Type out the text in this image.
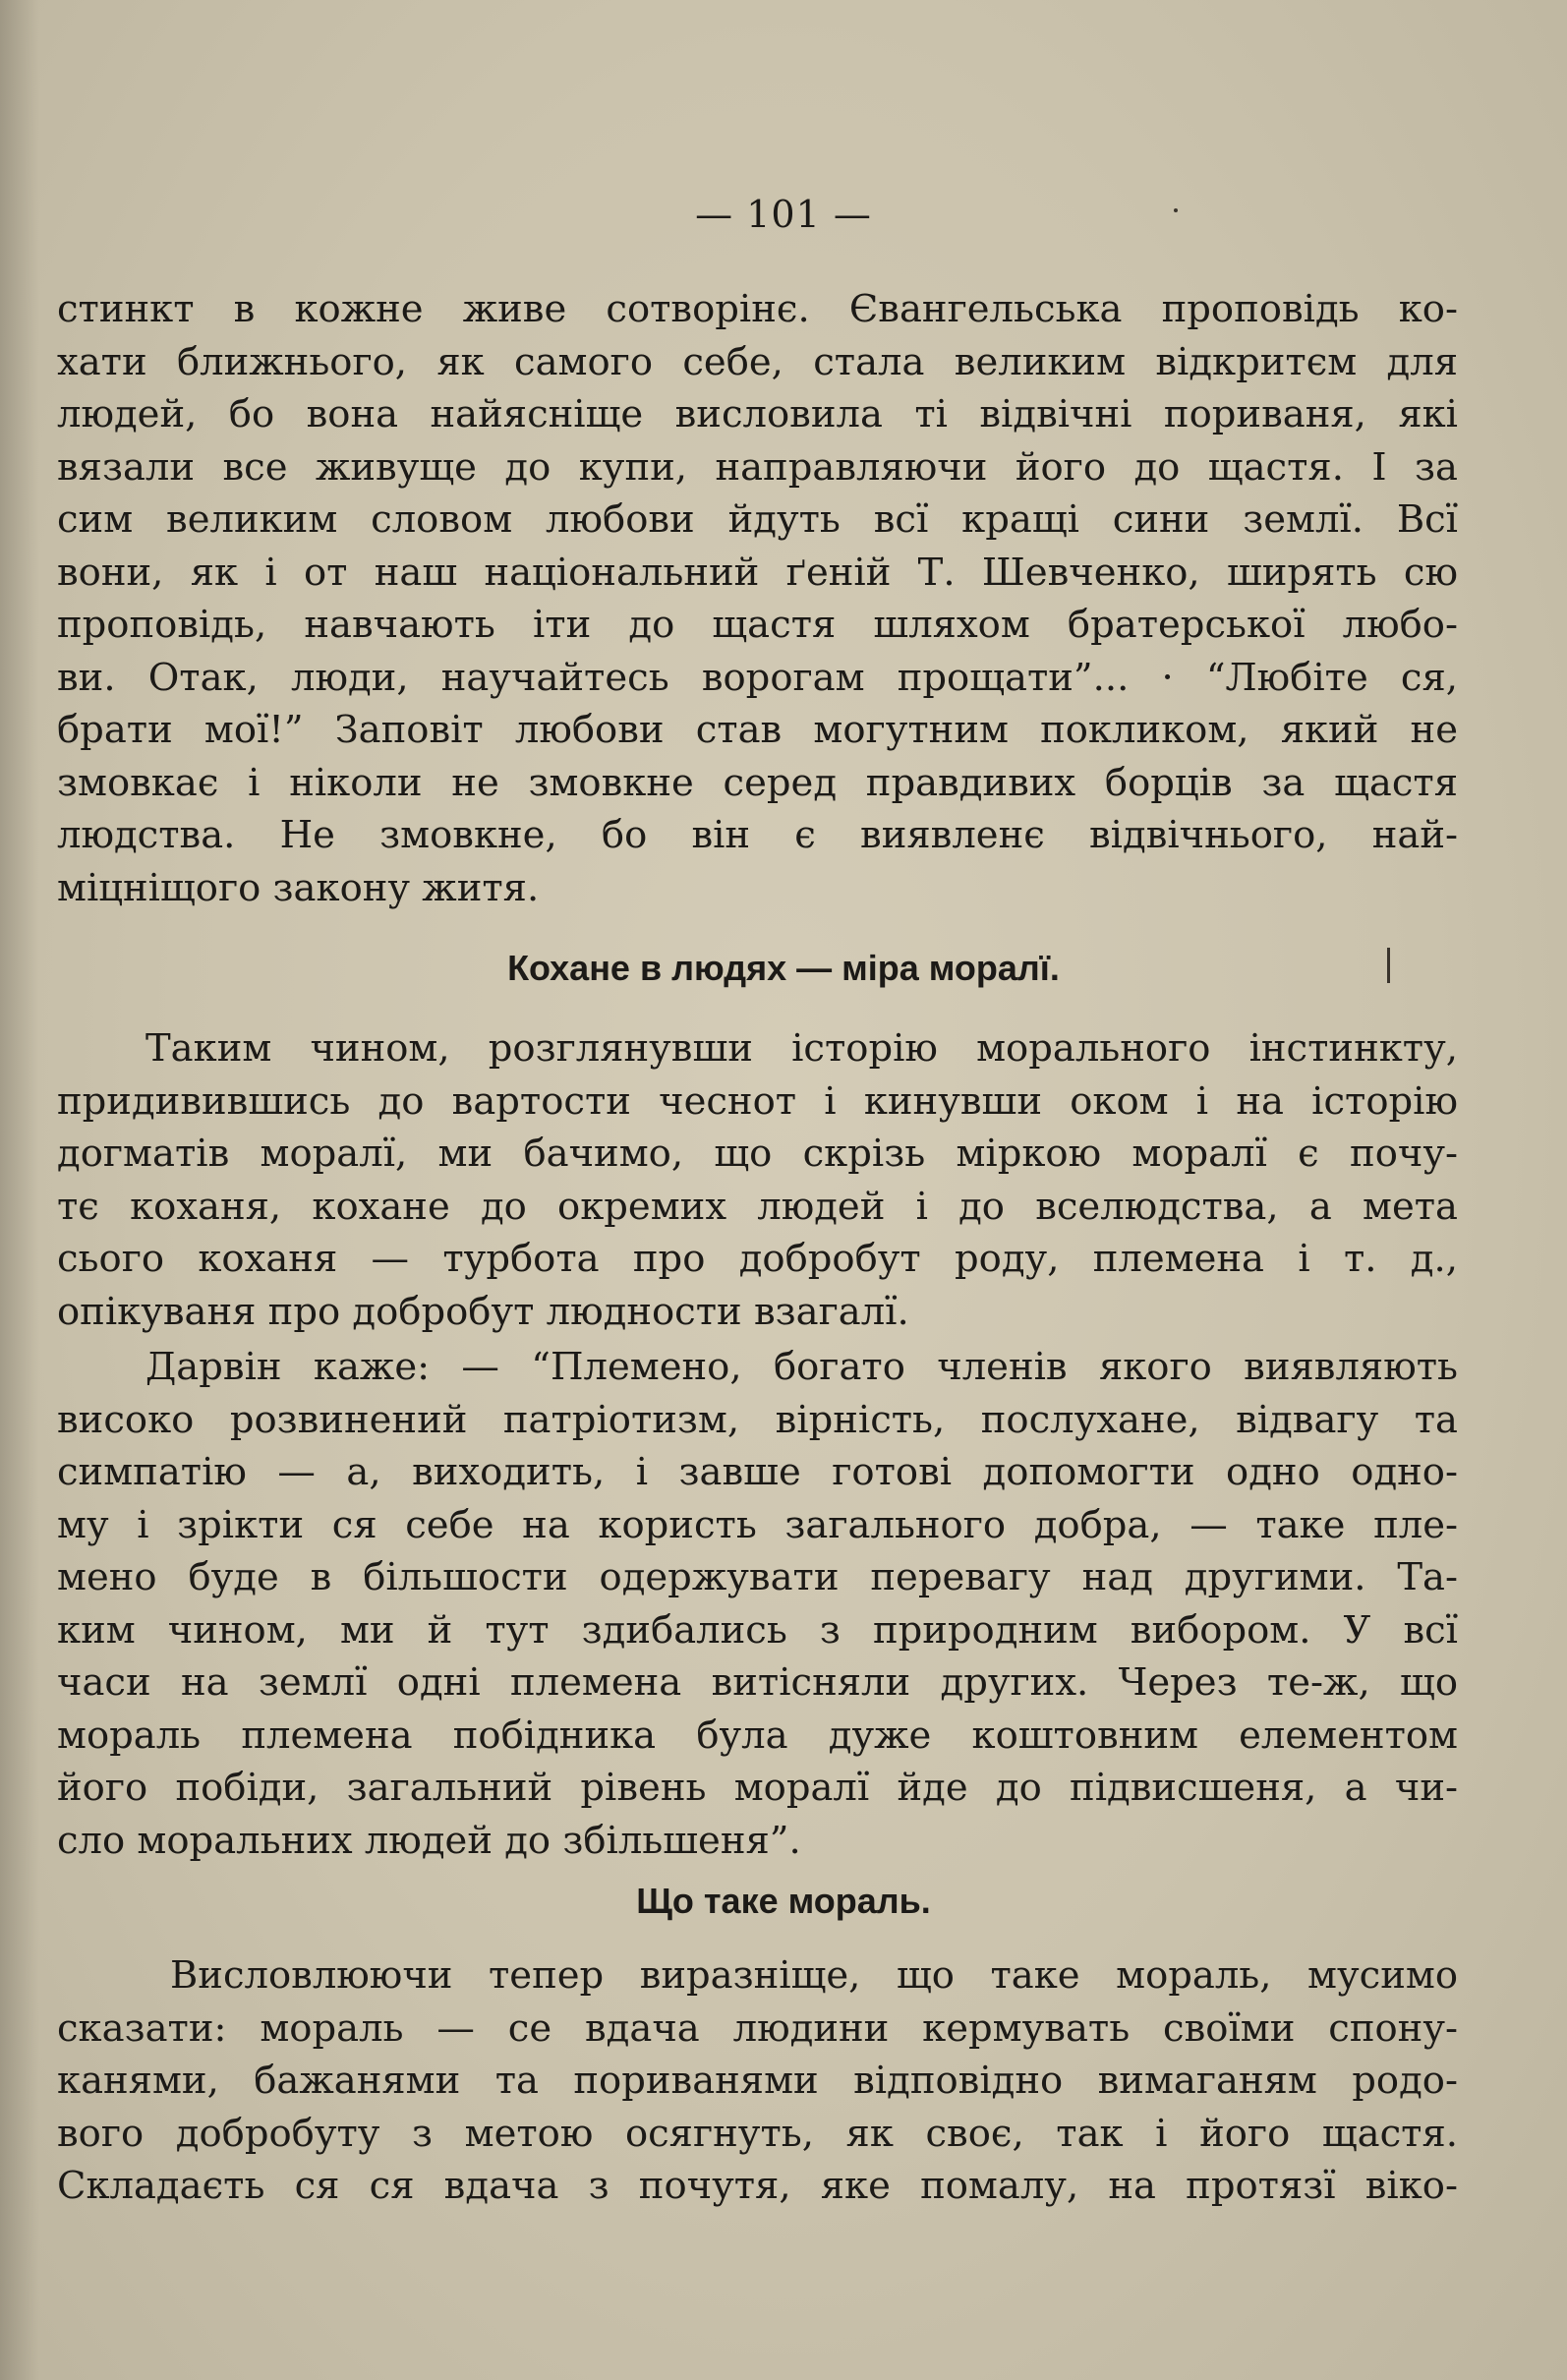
— 101 —
стинкт в кожне живе сотворінє. Євангельська проповідь ко-
хати ближнього, як самого себе, стала великим відкритєм для
людей, бо вона найясніще висловила ті відвічні пориваня, які
вязали все живуще до купи, направляючи його до щастя. І за
сим великим словом любови йдуть всї кращі сини землї. Всї
вони, як і от наш національний ґеній Т. Шевченко, ширять сю
проповідь, навчають іти до щастя шляхом братерської любо-
ви. Отак, люди, научайтесь ворогам прощати”... · “Любіте ся,
брати мої!” Заповіт любови став могутним покликом, який не
змовкає і ніколи не змовкне серед правдивих борців за щастя
людства. Не змовкне, бо він є виявленє відвічнього, най-
міцніщого закону житя.
Кохане в людях — міра моралї.
Таким чином, розглянувши історію морального інстинкту,
придивившись до вартости чеснот і кинувши оком і на історію
догматів моралї, ми бачимо, що скрізь міркою моралї є почу-
тє коханя, кохане до окремих людей і до вселюдства, а мета
сього коханя — турбота про добробут роду, племена і т. д.,
опікуваня про добробут людности взагалї.
Дарвін каже: — “Племено, богато членів якого виявляють
високо розвинений патріотизм, вірність, послухане, відвагу та
симпатію — а, виходить, і завше готові допомогти одно одно-
му і зрікти ся себе на користь загального добра, — таке пле-
мено буде в більшости одержувати перевагу над другими. Та-
ким чином, ми й тут здибались з природним вибором. У всї
часи на землї одні племена витісняли других. Через те-ж, що
мораль племена побідника була дуже коштовним елементом
його побіди, загальний рівень моралї йде до підвисшеня, а чи-
сло моральних людей до збільшеня”.
Що таке мораль.
Висловлюючи тепер виразніще, що таке мораль, мусимо
сказати: мораль — се вдача людини кермувать своїми спону-
канями, бажанями та пориванями відповідно вимаганям родо-
вого добробуту з метою осягнуть, як своє, так і його щастя.
Складаєть ся ся вдача з почутя, яке помалу, на протязї віко-
